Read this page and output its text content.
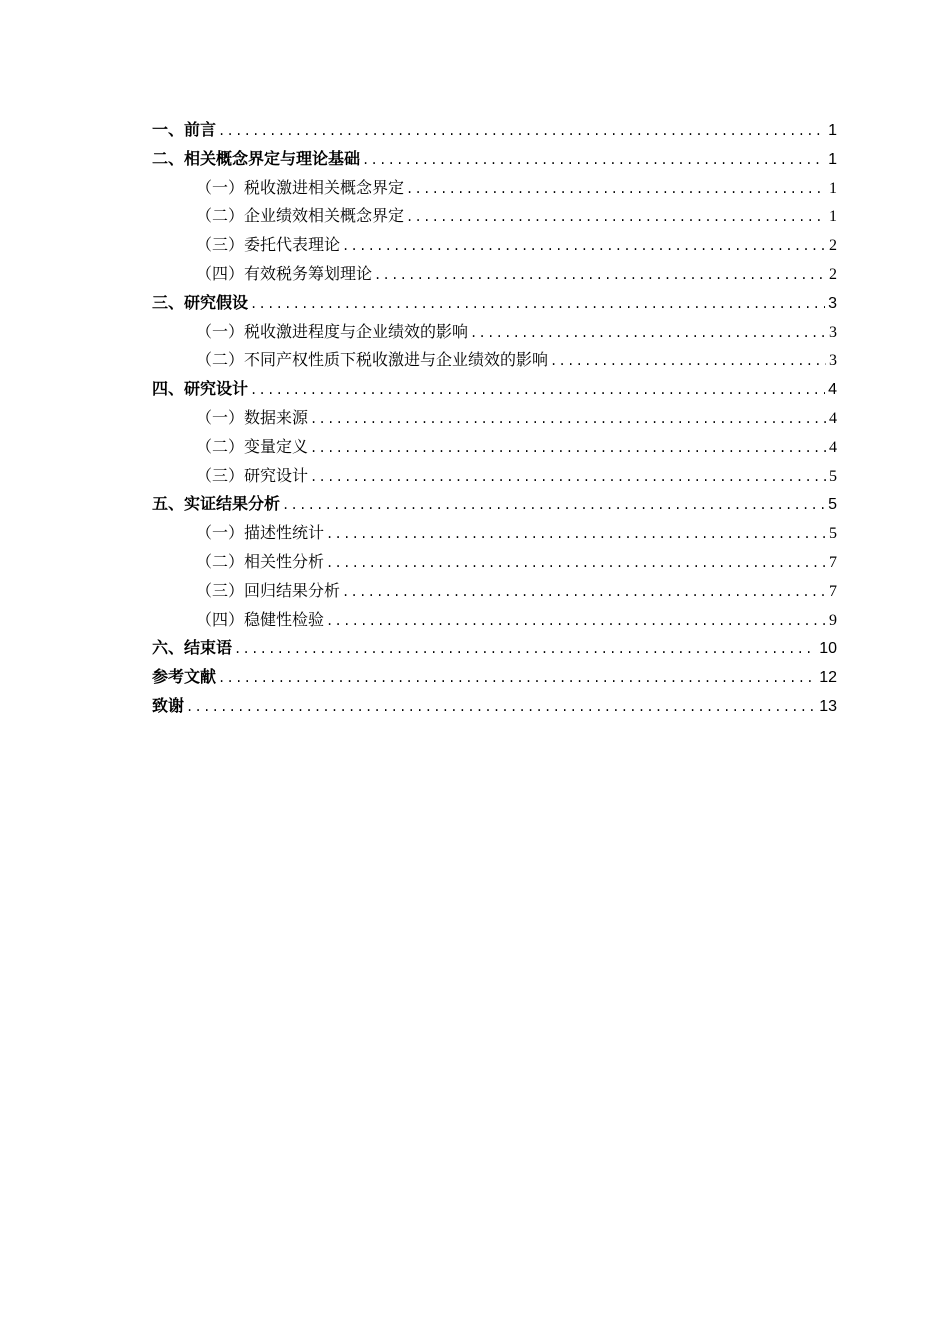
一、前言 .....	1
二、相关概念界定与理论基础 .....	1
（一）税收激进相关概念界定 .....	1
（二）企业绩效相关概念界定 .....	1
（三）委托代表理论 .....	2
（四）有效税务筹划理论 .....	2
三、研究假设 .....	3
（一）税收激进程度与企业绩效的影响 .....	3
（二）不同产权性质下税收激进与企业绩效的影响 .....	3
四、研究设计 .....	4
（一）数据来源 .....	4
（二）变量定义 .....	4
（三）研究设计 .....	5
五、实证结果分析 .....	5
（一）描述性统计 .....	5
（二）相关性分析 .....	7
（三）回归结果分析 .....	7
（四）稳健性检验 .....	9
六、结束语 .....	10
参考文献 .....	12
致谢 .....	13
